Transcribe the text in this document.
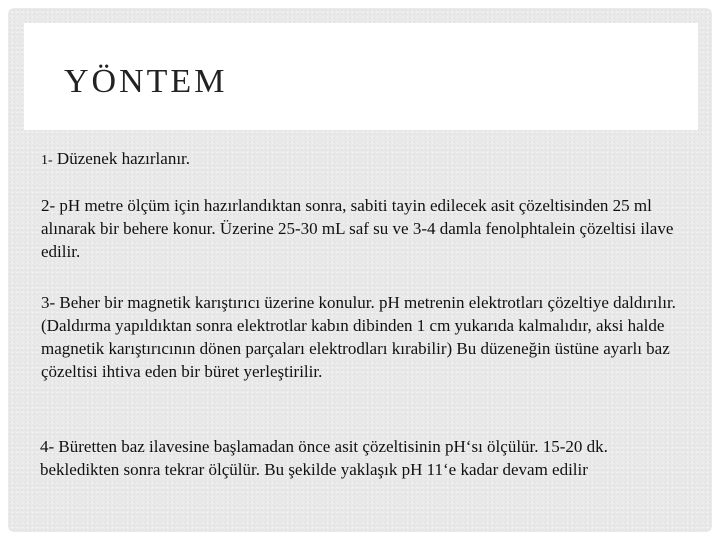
YÖNTEM

1- Düzenek hazırlanır.

2- pH metre ölçüm için hazırlandıktan sonra, sabiti tayin edilecek asit çözeltisinden 25 ml alınarak bir behere konur. Üzerine 25-30 mL saf su ve 3-4 damla fenolphtalein çözeltisi ilave edilir.

3- Beher bir magnetik karıştırıcı üzerine konulur. pH metrenin elektrotları çözeltiye daldırılır. (Daldırma yapıldıktan sonra elektrotlar kabın dibinden 1 cm yukarıda kalmalıdır, aksi halde magnetik karıştırıcının dönen parçaları elektrodları kırabilir) Bu düzeneğin üstüne ayarlı baz çözeltisi ihtiva eden bir büret yerleştirilir.

4- Büretten baz ilavesine başlamadan önce asit çözeltisinin pH‘sı ölçülür. 15-20 dk. bekledikten sonra tekrar ölçülür. Bu şekilde yaklaşık pH 11‘e kadar devam edilir
